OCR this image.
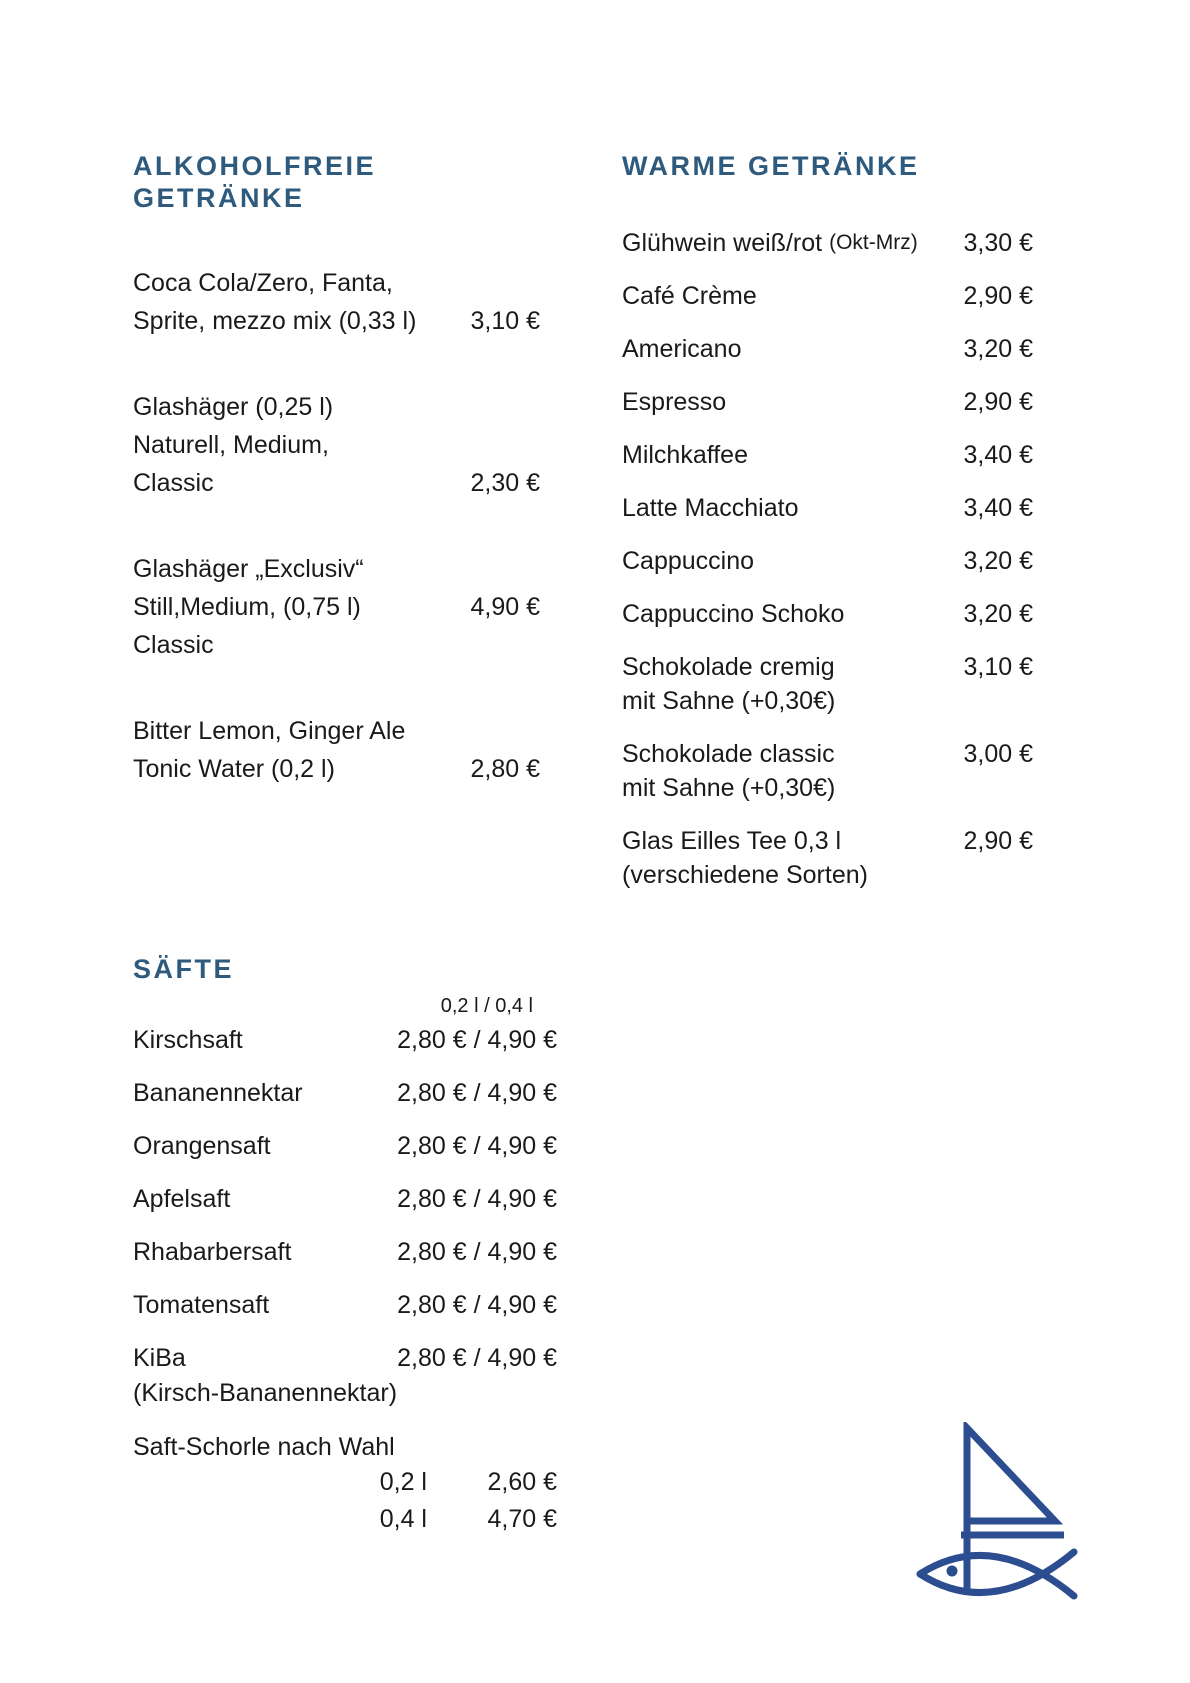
ALKOHOLFREIE GETRÄNKE
Coca Cola/Zero, Fanta,
Sprite, mezzo mix (0,33 l)	3,10 €
Glashäger (0,25 l)
Naturell, Medium,
Classic	2,30 €
Glashäger „Exclusiv“
Still,Medium, (0,75 l)	4,90 €
Classic
Bitter Lemon, Ginger Ale
Tonic Water (0,2 l)	2,80 €
WARME GETRÄNKE
Glühwein weiß/rot (Okt-Mrz)	3,30 €
Café Crème	2,90 €
Americano	3,20 €
Espresso	2,90 €
Milchkaffee	3,40 €
Latte Macchiato	3,40 €
Cappuccino	3,20 €
Cappuccino Schoko	3,20 €
Schokolade cremig	3,10 €
mit Sahne (+0,30€)
Schokolade classic	3,00 €
mit Sahne (+0,30€)
Glas Eilles Tee 0,3 l	2,90 €
(verschiedene Sorten)
SÄFTE
0,2 l / 0,4 l
Kirschsaft	2,80 € / 4,90 €
Bananennektar	2,80 € / 4,90 €
Orangensaft	2,80 € / 4,90 €
Apfelsaft	2,80 € / 4,90 €
Rhabarbersaft	2,80 € / 4,90 €
Tomatensaft	2,80 € / 4,90 €
KiBa	2,80 € / 4,90 €
(Kirsch-Bananennektar)
Saft-Schorle nach Wahl
0,2 l	2,60 €
0,4 l	4,70 €
